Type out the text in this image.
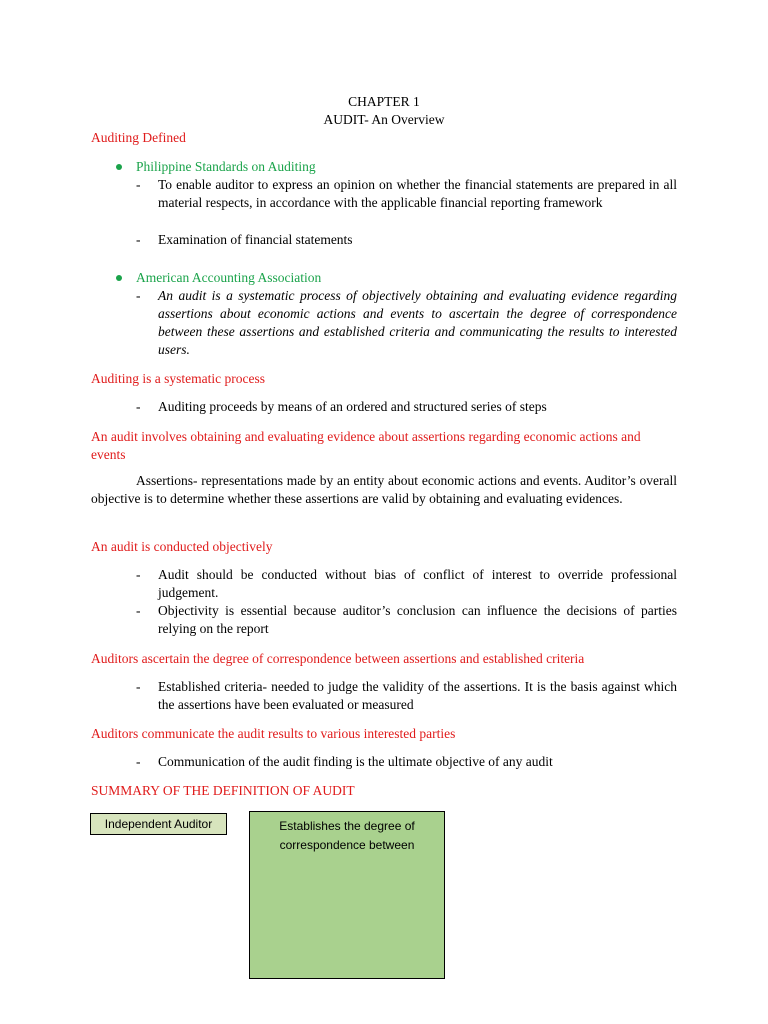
CHAPTER 1
AUDIT- An Overview
Auditing Defined
Philippine Standards on Auditing
- To enable auditor to express an opinion on whether the financial statements are prepared in all material respects, in accordance with the applicable financial reporting framework
- Examination of financial statements
American Accounting Association
- An audit is a systematic process of objectively obtaining and evaluating evidence regarding assertions about economic actions and events to ascertain the degree of correspondence between these assertions and established criteria and communicating the results to interested users.
Auditing is a systematic process
- Auditing proceeds by means of an ordered and structured series of steps
An audit involves obtaining and evaluating evidence about assertions regarding economic actions and events
Assertions- representations made by an entity about economic actions and events. Auditor’s overall objective is to determine whether these assertions are valid by obtaining and evaluating evidences.
An audit is conducted objectively
- Audit should be conducted without bias of conflict of interest to override professional judgement.
- Objectivity is essential because auditor’s conclusion can influence the decisions of parties relying on the report
Auditors ascertain the degree of correspondence between assertions and established criteria
- Established criteria- needed to judge the validity of the assertions. It is the basis against which the assertions have been evaluated or measured
Auditors communicate the audit results to various interested parties
- Communication of the audit finding is the ultimate objective of any audit
SUMMARY OF THE DEFINITION OF AUDIT
Independent Auditor	Establishes the degree of correspondence between
